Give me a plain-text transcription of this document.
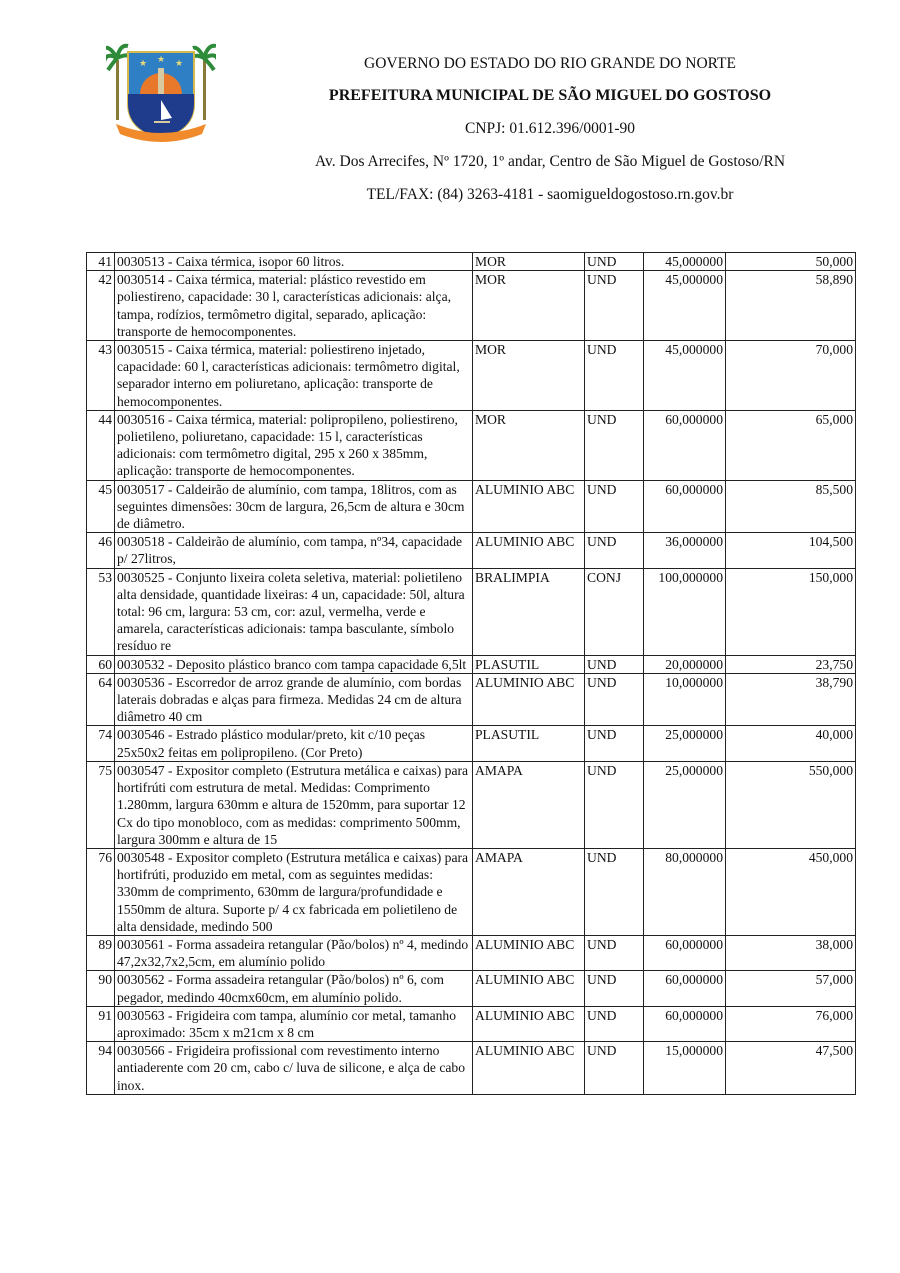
★ ★ ★	GOVERNO DO ESTADO DO RIO GRANDE DO NORTE
PREFEITURA MUNICIPAL DE SÃO MIGUEL DO GOSTOSO
CNPJ: 01.612.396/0001-90
Av. Dos Arrecifes, Nº 1720, 1º andar, Centro de São Miguel de Gostoso/RN
TEL/FAX: (84) 3263-4181 - saomigueldogostoso.rn.gov.br
41	0030513 - Caixa térmica, isopor 60 litros.	MOR	UND	45,000000	50,000
42	0030514 - Caixa térmica, material: plástico revestido em poliestireno, capacidade: 30 l, características adicionais: alça, tampa, rodízios, termômetro digital, separado, aplicação: transporte de hemocomponentes.	MOR	UND	45,000000	58,890
43	0030515 - Caixa térmica, material: poliestireno injetado, capacidade: 60 l, características adicionais: termômetro digital, separador interno em poliuretano, aplicação: transporte de hemocomponentes.	MOR	UND	45,000000	70,000
44	0030516 - Caixa térmica, material: polipropileno, poliestireno, polietileno, poliuretano, capacidade: 15 l, características adicionais: com termômetro digital, 295 x 260 x 385mm, aplicação: transporte de hemocomponentes.	MOR	UND	60,000000	65,000
45	0030517 - Caldeirão de alumínio, com tampa, 18litros, com as seguintes dimensões: 30cm de largura, 26,5cm de altura e 30cm de diâmetro.	ALUMINIO ABC	UND	60,000000	85,500
46	0030518 - Caldeirão de alumínio, com tampa, nº34, capacidade p/ 27litros,	ALUMINIO ABC	UND	36,000000	104,500
53	0030525 - Conjunto lixeira coleta seletiva, material: polietileno alta densidade, quantidade lixeiras: 4 un, capacidade: 50l, altura total: 96 cm, largura: 53 cm, cor: azul, vermelha, verde e amarela, características adicionais: tampa basculante, símbolo resíduo re	BRALIMPIA	CONJ	100,000000	150,000
60	0030532 - Deposito plástico branco com tampa capacidade 6,5lt	PLASUTIL	UND	20,000000	23,750
64	0030536 - Escorredor de arroz grande de alumínio, com bordas laterais dobradas e alças para firmeza. Medidas 24 cm de altura diâmetro 40 cm	ALUMINIO ABC	UND	10,000000	38,790
74	0030546 - Estrado plástico modular/preto, kit c/10 peças 25x50x2 feitas em polipropileno. (Cor Preto)	PLASUTIL	UND	25,000000	40,000
75	0030547 - Expositor completo (Estrutura metálica e caixas) para hortifrúti com estrutura de metal. Medidas: Comprimento 1.280mm, largura 630mm e altura de 1520mm, para suportar 12 Cx do tipo monobloco, com as medidas: comprimento 500mm, largura 300mm e altura de 15	AMAPA	UND	25,000000	550,000
76	0030548 - Expositor completo (Estrutura metálica e caixas) para hortifrúti, produzido em metal, com as seguintes medidas: 330mm de comprimento, 630mm de largura/profundidade e 1550mm de altura. Suporte p/ 4 cx fabricada em polietileno de alta densidade, medindo 500	AMAPA	UND	80,000000	450,000
89	0030561 - Forma assadeira retangular (Pão/bolos) nº 4, medindo 47,2x32,7x2,5cm, em alumínio polido	ALUMINIO ABC	UND	60,000000	38,000
90	0030562 - Forma assadeira retangular (Pão/bolos) nº 6, com pegador, medindo 40cmx60cm, em alumínio polido.	ALUMINIO ABC	UND	60,000000	57,000
91	0030563 - Frigideira com tampa, alumínio cor metal, tamanho aproximado: 35cm x m21cm x 8 cm	ALUMINIO ABC	UND	60,000000	76,000
94	0030566 - Frigideira profissional com revestimento interno antiaderente com 20 cm, cabo c/ luva de silicone, e alça de cabo inox.	ALUMINIO ABC	UND	15,000000	47,500
